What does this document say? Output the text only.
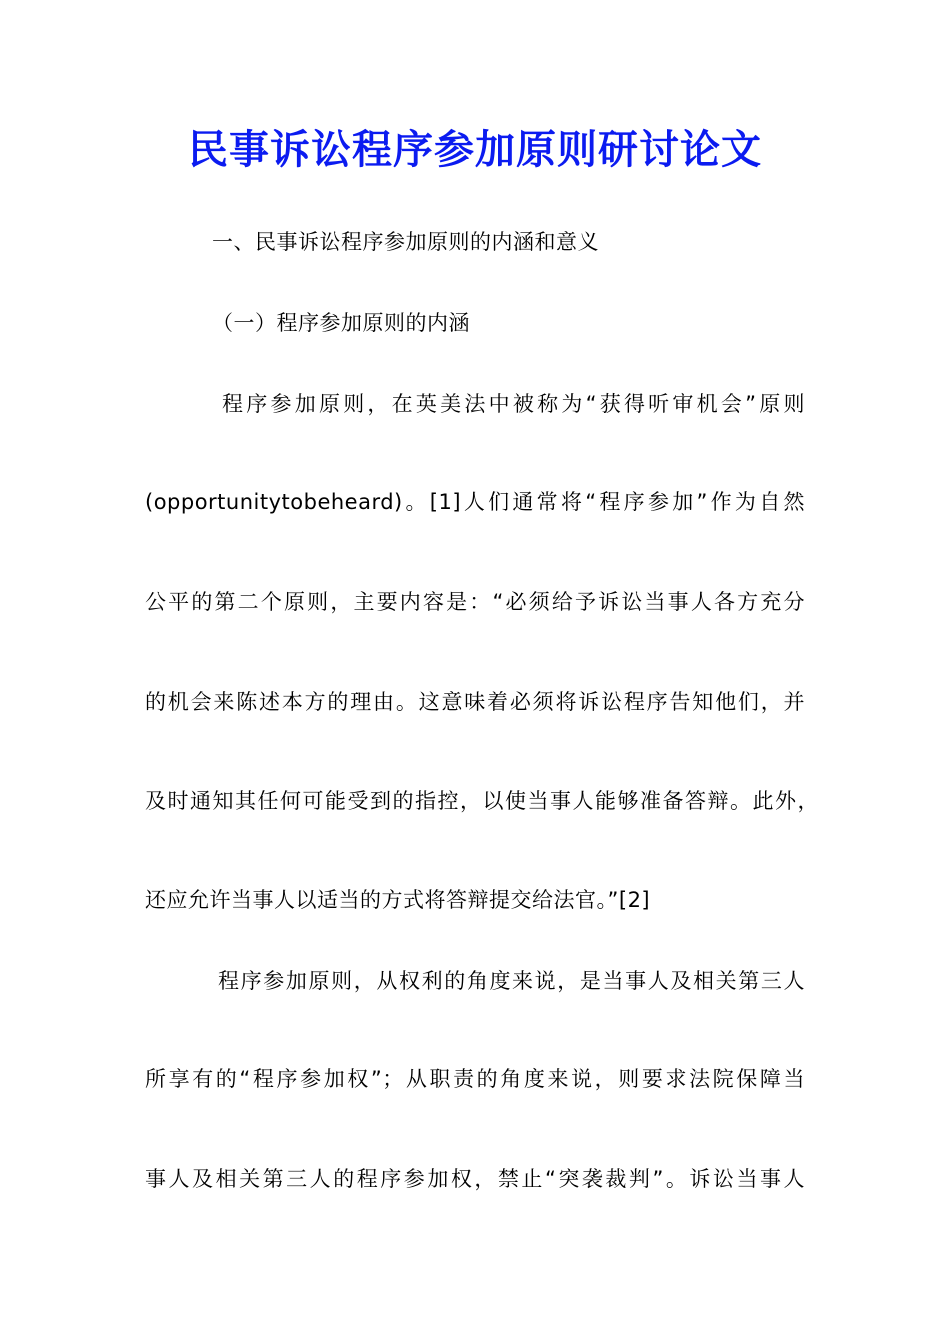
民事诉讼程序参加原则研讨论文
一、民事诉讼程序参加原则的内涵和意义
（一）程序参加原则的内涵
程序参加原则，在英美法中被称为“获得听审机会”原则
(opportunitytobeheard)。[1]人们通常将“程序参加”作为自然
公平的第二个原则，主要内容是：“必须给予诉讼当事人各方充分
的机会来陈述本方的理由。这意味着必须将诉讼程序告知他们，并
及时通知其任何可能受到的指控，以使当事人能够准备答辩。此外，
还应允许当事人以适当的方式将答辩提交给法官。”[2]
程序参加原则，从权利的角度来说，是当事人及相关第三人
所享有的“程序参加权”；从职责的角度来说，则要求法院保障当
事人及相关第三人的程序参加权，禁止“突袭裁判”。诉讼当事人
